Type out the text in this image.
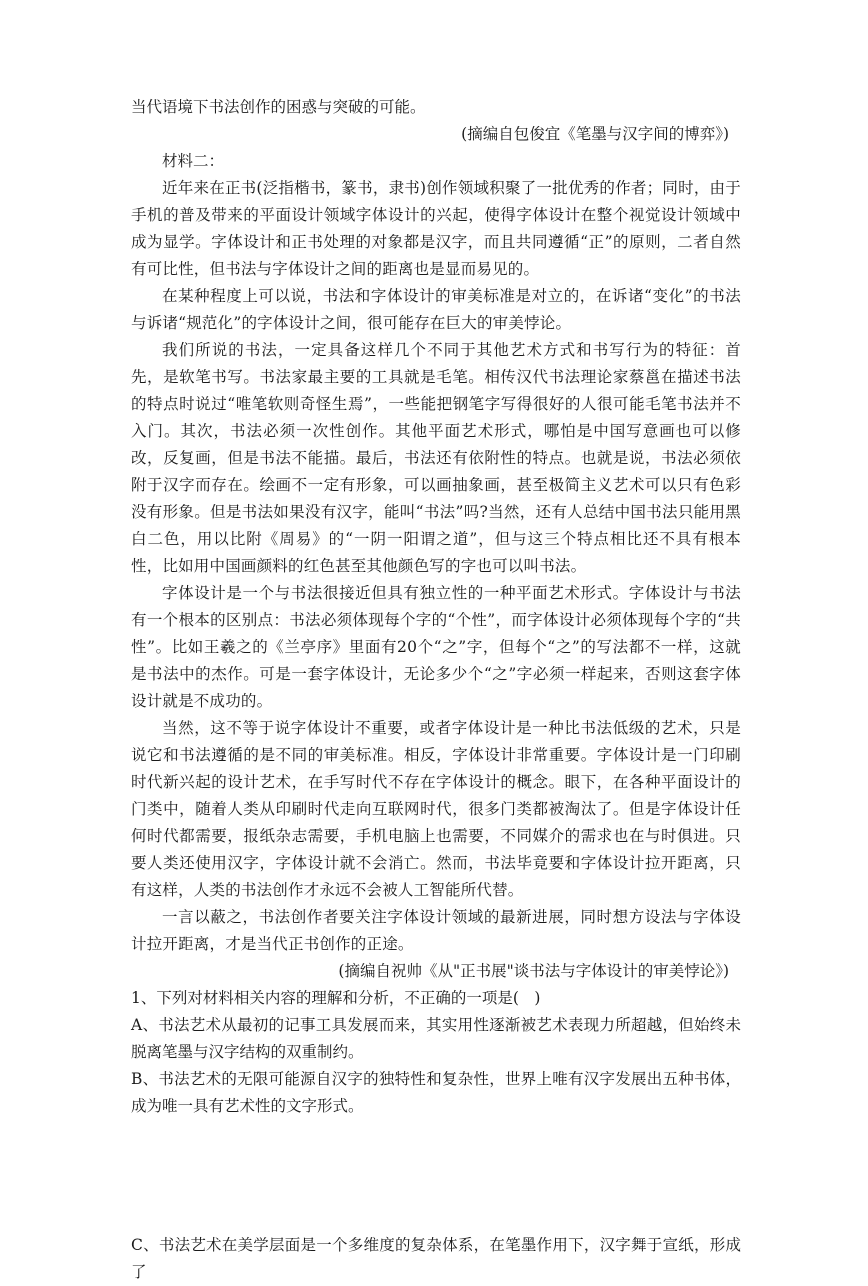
当代语境下书法创作的困惑与突破的可能。

(摘编自包俊宜《笔墨与汉字间的博弈》)

材料二：

近年来在正书(泛指楷书，篆书，隶书)创作领域积聚了一批优秀的作者；同时，由于手机的普及带来的平面设计领域字体设计的兴起，使得字体设计在整个视觉设计领域中成为显学。字体设计和正书处理的对象都是汉字，而且共同遵循“正”的原则，二者自然有可比性，但书法与字体设计之间的距离也是显而易见的。

在某种程度上可以说，书法和字体设计的审美标准是对立的，在诉诸“变化”的书法与诉诸“规范化”的字体设计之间，很可能存在巨大的审美悖论。

我们所说的书法，一定具备这样几个不同于其他艺术方式和书写行为的特征：首先，是软笔书写。书法家最主要的工具就是毛笔。相传汉代书法理论家蔡邕在描述书法的特点时说过“唯笔软则奇怪生焉”，一些能把钢笔字写得很好的人很可能毛笔书法并不入门。其次，书法必须一次性创作。其他平面艺术形式，哪怕是中国写意画也可以修改，反复画，但是书法不能描。最后，书法还有依附性的特点。也就是说，书法必须依附于汉字而存在。绘画不一定有形象，可以画抽象画，甚至极简主义艺术可以只有色彩没有形象。但是书法如果没有汉字，能叫“书法”吗?当然，还有人总结中国书法只能用黑白二色，用以比附《周易》的“一阴一阳谓之道”，但与这三个特点相比还不具有根本性，比如用中国画颜料的红色甚至其他颜色写的字也可以叫书法。

字体设计是一个与书法很接近但具有独立性的一种平面艺术形式。字体设计与书法有一个根本的区别点：书法必须体现每个字的“个性”，而字体设计必须体现每个字的“共性”。比如王羲之的《兰亭序》里面有20个“之”字，但每个“之”的写法都不一样，这就是书法中的杰作。可是一套字体设计，无论多少个“之”字必须一样起来，否则这套字体设计就是不成功的。

当然，这不等于说字体设计不重要，或者字体设计是一种比书法低级的艺术，只是说它和书法遵循的是不同的审美标准。相反，字体设计非常重要。字体设计是一门印刷时代新兴起的设计艺术，在手写时代不存在字体设计的概念。眼下，在各种平面设计的门类中，随着人类从印刷时代走向互联网时代，很多门类都被淘汰了。但是字体设计任何时代都需要，报纸杂志需要，手机电脑上也需要，不同媒介的需求也在与时俱进。只要人类还使用汉字，字体设计就不会消亡。然而，书法毕竟要和字体设计拉开距离，只有这样，人类的书法创作才永远不会被人工智能所代替。

一言以蔽之，书法创作者要关注字体设计领域的最新进展，同时想方设法与字体设计拉开距离，才是当代正书创作的正途。

(摘编自祝帅《从"正书展"谈书法与字体设计的审美悖论》)

1、下列对材料相关内容的理解和分析，不正确的一项是(　)

A、书法艺术从最初的记事工具发展而来，其实用性逐渐被艺术表现力所超越，但始终未脱离笔墨与汉字结构的双重制约。

B、书法艺术的无限可能源自汉字的独特性和复杂性，世界上唯有汉字发展出五种书体，成为唯一具有艺术性的文字形式。

C、书法艺术在美学层面是一个多维度的复杂体系，在笔墨作用下，汉字舞于宣纸，形成了
